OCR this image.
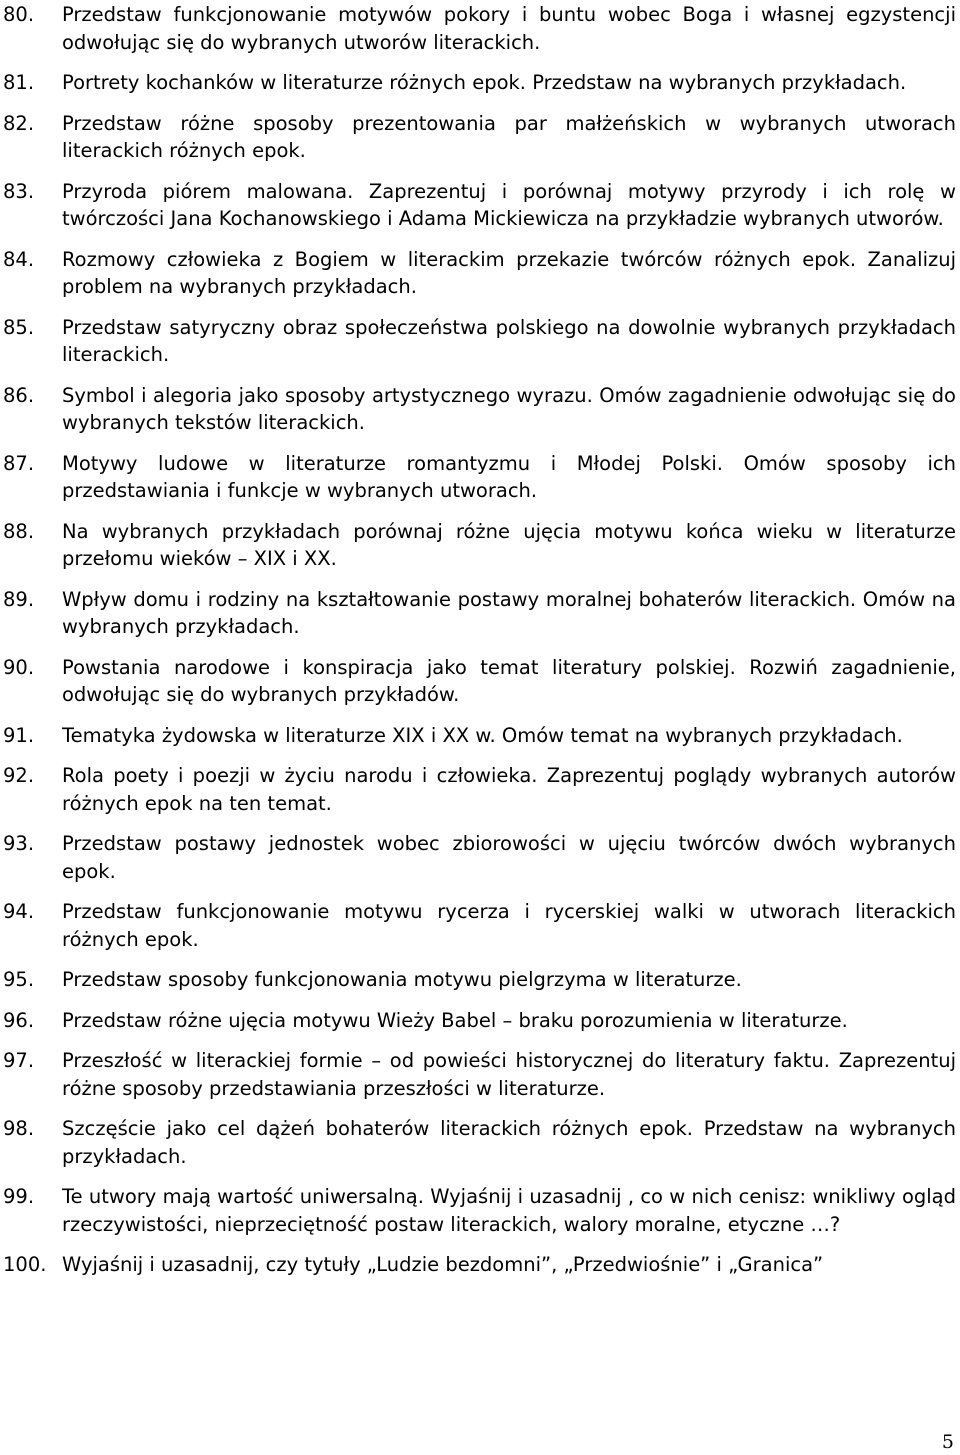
80. Przedstaw funkcjonowanie motywów pokory i buntu wobec Boga i własnej egzystencji odwołując się do wybranych utworów literackich.

81. Portrety kochanków w literaturze różnych epok. Przedstaw na wybranych przykładach.

82. Przedstaw różne sposoby prezentowania par małżeńskich w wybranych utworach literackich różnych epok.

83. Przyroda piórem malowana. Zaprezentuj i porównaj motywy przyrody i ich rolę w twórczości Jana Kochanowskiego i Adama Mickiewicza na przykładzie wybranych utworów.

84. Rozmowy człowieka z Bogiem w literackim przekazie twórców różnych epok. Zanalizuj problem na wybranych przykładach.

85. Przedstaw satyryczny obraz społeczeństwa polskiego na dowolnie wybranych przykładach literackich.

86. Symbol i alegoria jako sposoby artystycznego wyrazu. Omów zagadnienie odwołując się do wybranych tekstów literackich.

87. Motywy ludowe w literaturze romantyzmu i Młodej Polski. Omów sposoby ich przedstawiania i funkcje w wybranych utworach.

88. Na wybranych przykładach porównaj różne ujęcia motywu końca wieku w literaturze przełomu wieków – XIX i XX.

89. Wpływ domu i rodziny na kształtowanie postawy moralnej bohaterów literackich. Omów na wybranych przykładach.

90. Powstania narodowe i konspiracja jako temat literatury polskiej. Rozwiń zagadnienie, odwołując się do wybranych przykładów.

91. Tematyka żydowska w literaturze XIX i XX w. Omów temat na wybranych przykładach.

92. Rola poety i poezji w życiu narodu i człowieka. Zaprezentuj poglądy wybranych autorów różnych epok na ten temat.

93. Przedstaw postawy jednostek wobec zbiorowości w ujęciu twórców dwóch wybranych epok.

94. Przedstaw funkcjonowanie motywu rycerza i rycerskiej walki w utworach literackich różnych epok.

95. Przedstaw sposoby funkcjonowania motywu pielgrzyma w literaturze.

96. Przedstaw różne ujęcia motywu Wieży Babel – braku porozumienia w literaturze.

97. Przeszłość w literackiej formie – od powieści historycznej do literatury faktu. Zaprezentuj różne sposoby przedstawiania przeszłości w literaturze.

98. Szczęście jako cel dążeń bohaterów literackich różnych epok. Przedstaw na wybranych przykładach.

99. Te utwory mają wartość uniwersalną. Wyjaśnij i uzasadnij , co w nich cenisz: wnikliwy ogląd rzeczywistości, nieprzeciętność postaw literackich, walory moralne, etyczne …?

100. Wyjaśnij i uzasadnij, czy tytuły „Ludzie bezdomni”, „Przedwiośnie” i „Granica”

5
